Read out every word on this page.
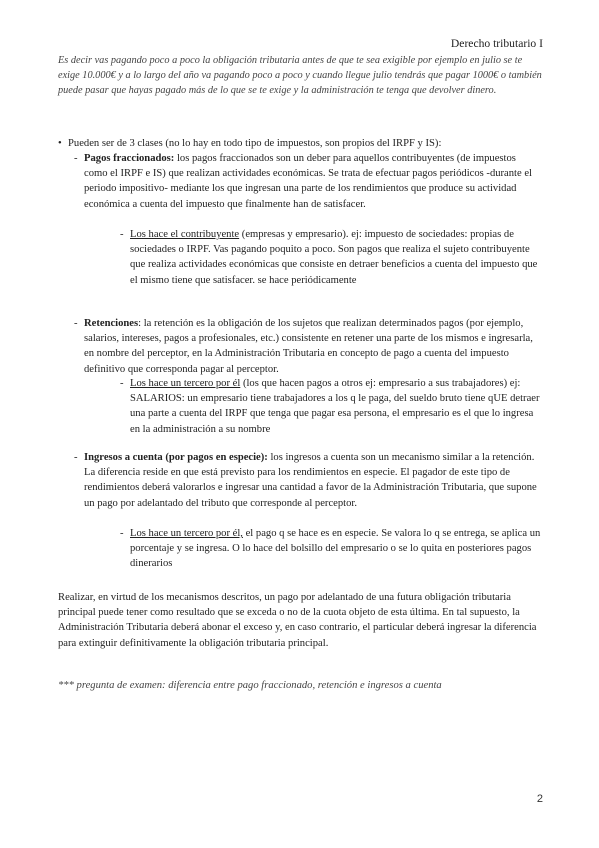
Derecho tributario I
Es decir vas pagando poco a poco la obligación tributaria antes de que te sea exigible por ejemplo en julio se te exige 10.000€ y a lo largo del año va pagando poco a poco y cuando llegue julio tendrás que pagar 1000€ o también puede pasar que hayas pagado más de lo que se te exige y la administración te tenga que devolver dinero.
• Pueden ser de 3 clases (no lo hay en todo tipo de impuestos, son propios del IRPF y IS):
- Pagos fraccionados: los pagos fraccionados son un deber para aquellos contribuyentes (de impuestos como el IRPF e IS) que realizan actividades económicas. Se trata de efectuar pagos periódicos -durante el periodo impositivo- mediante los que ingresan una parte de los rendimientos que produce su actividad económica a cuenta del impuesto que finalmente han de satisfacer.
- Los hace el contribuyente (empresas y empresario). ej: impuesto de sociedades: propias de sociedades o IRPF. Vas pagando poquito a poco. Son pagos que realiza el sujeto contribuyente que realiza actividades económicas que consiste en detraer beneficios a cuenta del impuesto que el mismo tiene que satisfacer. se hace periódicamente
- Retenciones: la retención es la obligación de los sujetos que realizan determinados pagos (por ejemplo, salarios, intereses, pagos a profesionales, etc.) consistente en retener una parte de los mismos e ingresarla, en nombre del perceptor, en la Administración Tributaria en concepto de pago a cuenta del impuesto definitivo que corresponda pagar al perceptor.
- Los hace un tercero por él (los que hacen pagos a otros ej: empresario a sus trabajadores) ej: SALARIOS: un empresario tiene trabajadores a los q le paga, del sueldo bruto tiene qUE detraer una parte a cuenta del IRPF que tenga que pagar esa persona, el empresario es el que lo ingresa en la administración a su nombre
- Ingresos a cuenta (por pagos en especie): los ingresos a cuenta son un mecanismo similar a la retención. La diferencia reside en que está previsto para los rendimientos en especie. El pagador de este tipo de rendimientos deberá valorarlos e ingresar una cantidad a favor de la Administración Tributaria, que supone un pago por adelantado del tributo que corresponde al perceptor.
- Los hace un tercero por él, el pago q se hace es en especie. Se valora lo q se entrega, se aplica un porcentaje y se ingresa. O lo hace del bolsillo del empresario o se lo quita en posteriores pagos dinerarios
Realizar, en virtud de los mecanismos descritos, un pago por adelantado de una futura obligación tributaria principal puede tener como resultado que se exceda o no de la cuota objeto de esta última. En tal supuesto, la Administración Tributaria deberá abonar el exceso y, en caso contrario, el particular deberá ingresar la diferencia para extinguir definitivamente la obligación tributaria principal.
*** pregunta de examen: diferencia entre pago fraccionado, retención e ingresos a cuenta
2
